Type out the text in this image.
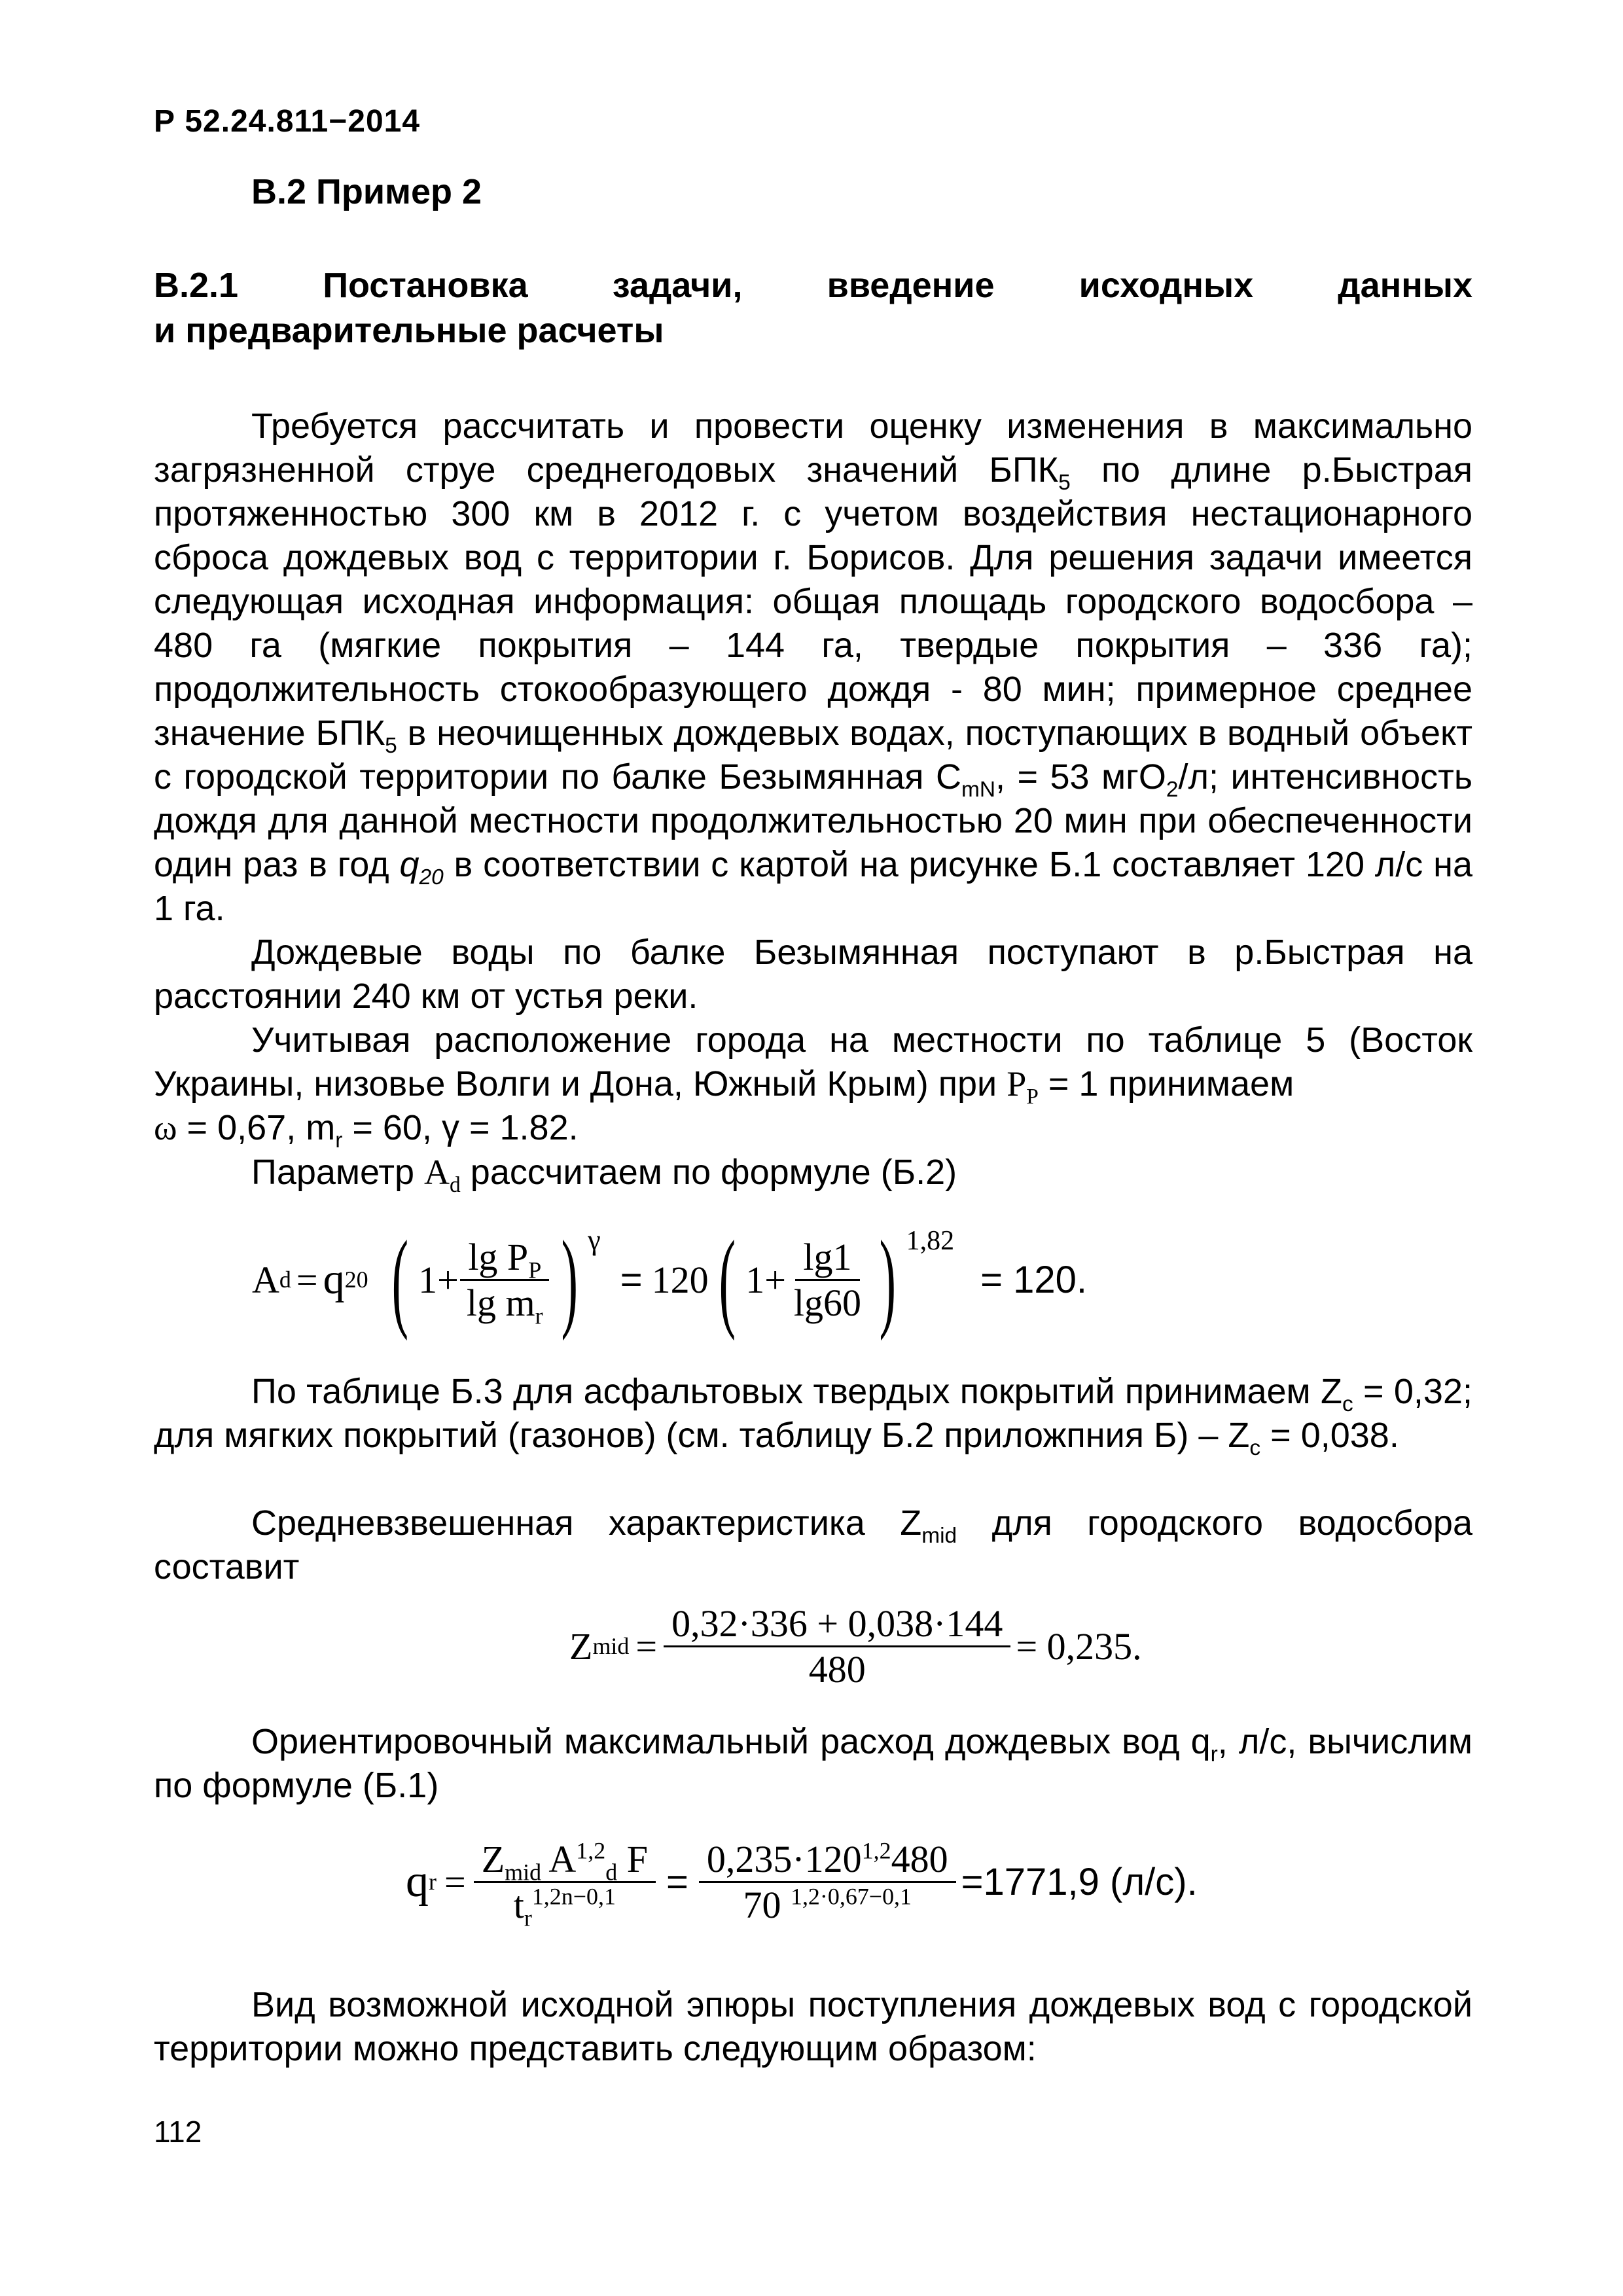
Р 52.24.811−2014
В.2 Пример 2
В.2.1 Постановка задачи, введение исходных данных
и предварительные расчеты
Требуется рассчитать и провести оценку изменения в максимально загрязненной струе среднегодовых значений $БПК_5$ по длине р.Быстрая протяженностью 300 км в 2012 г. с учетом воздействия нестационарного сброса дождевых вод с территории г. Борисов. Для решения задачи имеется следующая исходная информация: общая площадь городского водосбора – 480 га (мягкие покрытия – 144 га, твердые покрытия – 336 га); продолжительность стокообразующего дождя - 80 мин; примерное среднее значение $БПК_5$ в неочищенных дождевых водах, поступающих в водный объект с городской территории по балке Безымянная $С_{mN}$, = 53 мгО$_2$/л; интенсивность дождя для данной местности продолжительностью 20 мин при обеспеченности один раз в год $q_{20}$ в соответствии с картой на рисунке Б.1 составляет 120 л/с на 1 га.
Дождевые воды по балке Безымянная поступают в р.Быстрая на расстоянии 240 км от устья реки.
Учитывая расположение города на местности по таблице 5 (Восток Украины, низовье Волги и Дона, Южный Крым) при $P_P = 1$ принимаем
ω = 0,67, $m_r = 60$, γ = 1.82.
Параметр $A_d$ рассчитаем по формуле (Б.2)
A d = q 20 ( $1+ \frac{\lg P_P}{\lg m_r}$ ) $^\gamma$
= 120 ( $1+ \frac{\lg 1}{\lg 60}$ ) $^{1,82}$
= 120.
По таблице Б.3 для асфальтовых твердых покрытий принимаем $Z_c = 0,32$; для мягких покрытий (газонов) (см. таблицу Б.2 приложпния $Б) - Z_c = 0,038$.
Средневзвешенная характеристика $Z_{mid}$ для городского водосбора составит
Z mid = $\frac{0,32\cdot 336 + 0,038\cdot 144}{480} = 0,235$ .
Ориентировочный максимальный расход дождевых вод $q_r$, л/с, вычислим по формуле (Б.1)
q $r = \frac{Z_{mid} A^{1,2}_d F}{t_r^{1,2n-0,1}} = \frac{0,235\cdot 120^{1,2}480}{70 ^{1,2\cdot 0,67-0,1}} =1771,9$ (л/с).
Вид возможной исходной эпюры поступления дождевых вод с городской территории можно представить следующим образом:
112
